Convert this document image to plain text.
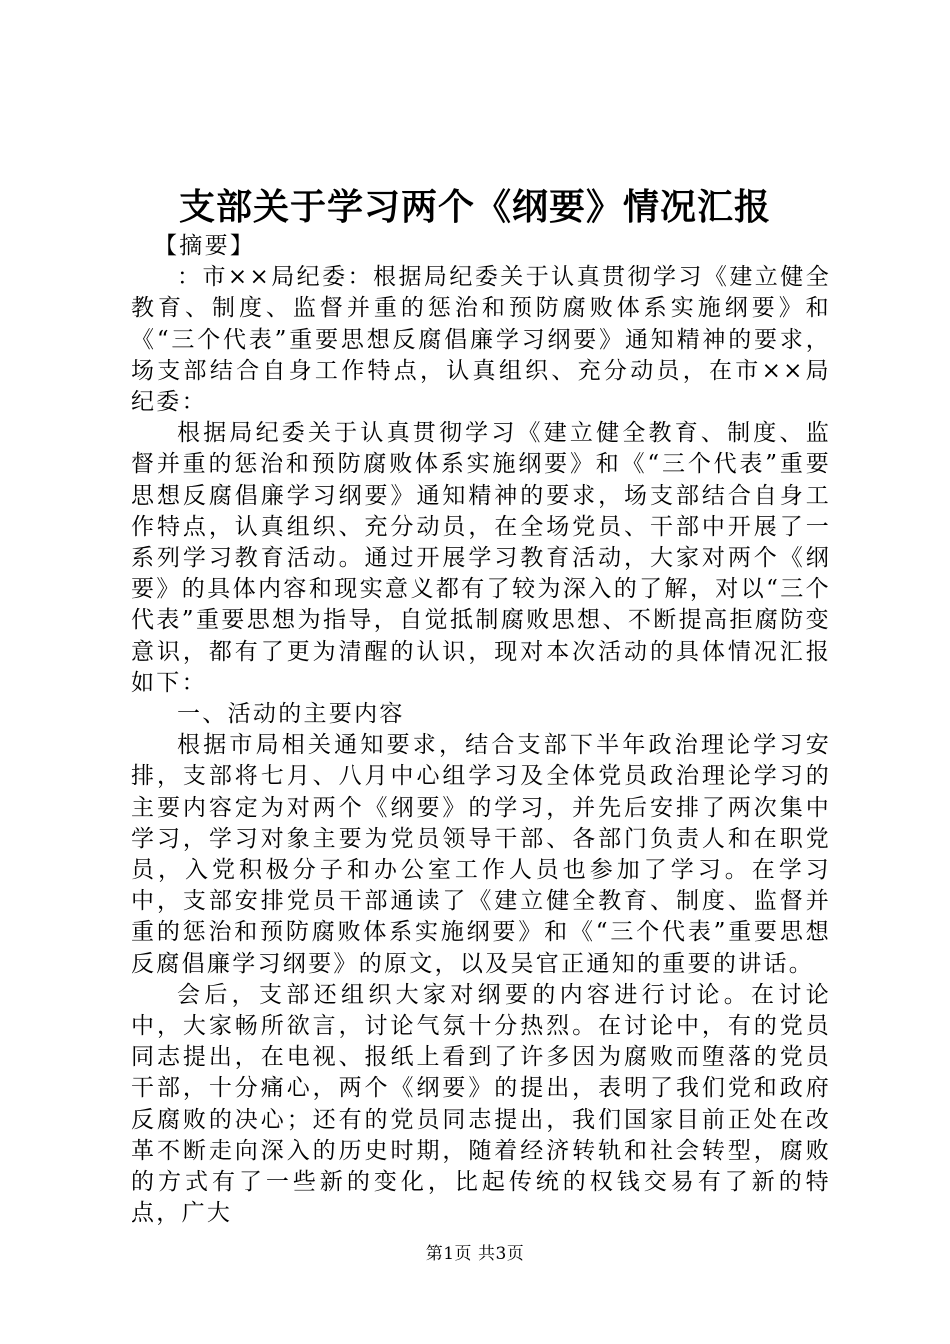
支部关于学习两个《纲要》情况汇报

【摘要】

：市××局纪委：根据局纪委关于认真贯彻学习《建立健全教育、制度、监督并重的惩治和预防腐败体系实施纲要》和《“三个代表”重要思想反腐倡廉学习纲要》通知精神的要求，场支部结合自身工作特点，认真组织、充分动员，在市××局纪委：

根据局纪委关于认真贯彻学习《建立健全教育、制度、监督并重的惩治和预防腐败体系实施纲要》和《“三个代表”重要思想反腐倡廉学习纲要》通知精神的要求，场支部结合自身工作特点，认真组织、充分动员，在全场党员、干部中开展了一系列学习教育活动。通过开展学习教育活动，大家对两个《纲要》的具体内容和现实意义都有了较为深入的了解，对以“三个代表”重要思想为指导，自觉抵制腐败思想、不断提高拒腐防变意识，都有了更为清醒的认识，现对本次活动的具体情况汇报如下：

一、活动的主要内容

根据市局相关通知要求，结合支部下半年政治理论学习安排，支部将七月、八月中心组学习及全体党员政治理论学习的主要内容定为对两个《纲要》的学习，并先后安排了两次集中学习，学习对象主要为党员领导干部、各部门负责人和在职党员，入党积极分子和办公室工作人员也参加了学习。在学习中，支部安排党员干部通读了《建立健全教育、制度、监督并重的惩治和预防腐败体系实施纲要》和《“三个代表”重要思想反腐倡廉学习纲要》的原文，以及吴官正通知的重要的讲话。

会后，支部还组织大家对纲要的内容进行讨论。在讨论中，大家畅所欲言，讨论气氛十分热烈。在讨论中，有的党员同志提出，在电视、报纸上看到了许多因为腐败而堕落的党员干部，十分痛心，两个《纲要》的提出，表明了我们党和政府反腐败的决心；还有的党员同志提出，我们国家目前正处在改革不断走向深入的历史时期，随着经济转轨和社会转型，腐败的方式有了一些新的变化，比起传统的权钱交易有了新的特点，广大

第1页 共3页
